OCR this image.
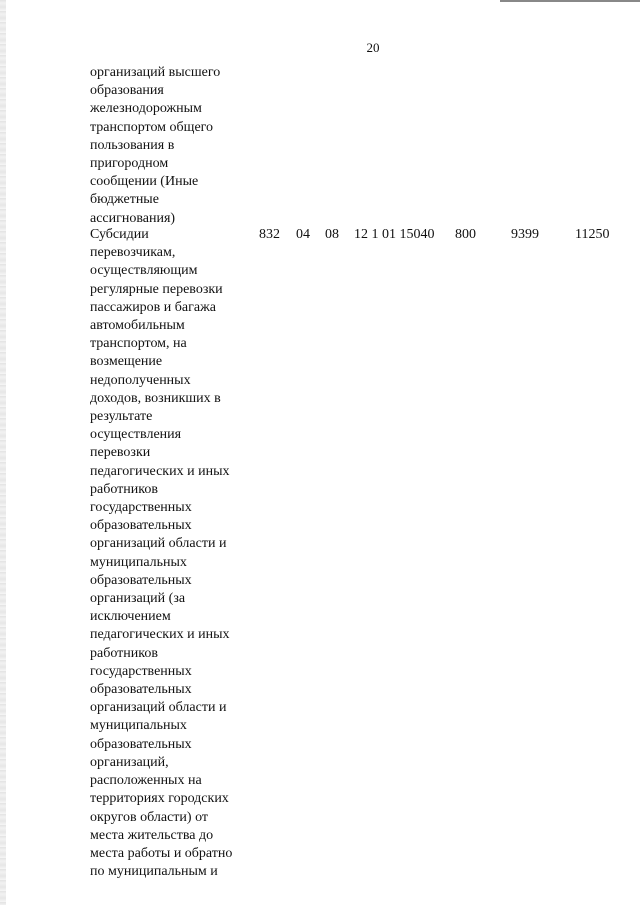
20
организаций высшего
образования
железнодорожным
транспортом общего
пользования в
пригородном
сообщении (Иные
бюджетные
ассигнования)
Субсидии
перевозчикам,
осуществляющим
регулярные перевозки
пассажиров и багажа
автомобильным
транспортом, на
возмещение
недополученных
доходов, возникших в
результате
осуществления
перевозки
педагогических и иных
работников
государственных
образовательных
организаций области и
муниципальных
образовательных
организаций (за
исключением
педагогических и иных
работников
государственных
образовательных
организаций области и
муниципальных
образовательных
организаций,
расположенных на
территориях городских
округов области) от
места жительства до
места работы и обратно
по муниципальным и
832 04 08 12 1 01 15040 800	9399	11250
